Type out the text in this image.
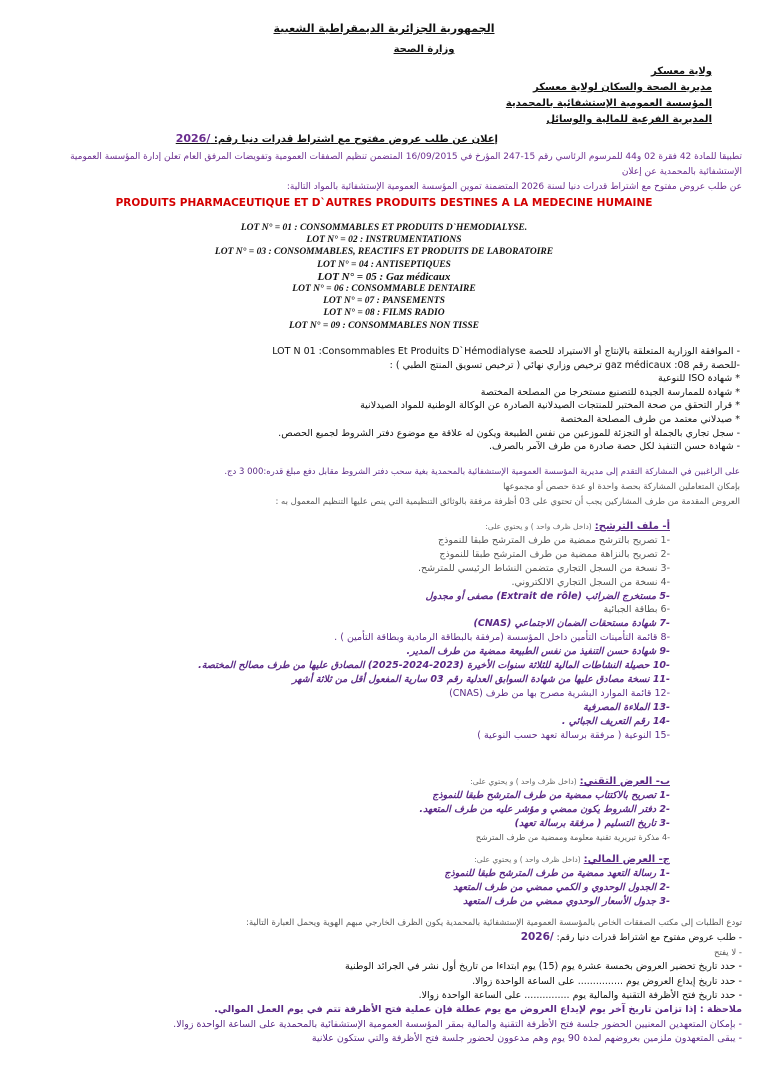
الجمهورية الجزائرية الديمقراطية الشعبية
وزارة الصحة
ولاية معسكر
مديرية الصحة والسكان لولاية معسكر
المؤسسة العمومية الإستشفائية بالمحمدية
المديرية الفرعية للمالية والوسائل
إعلان عن طلب عروض مفتوح مع اشتراط قدرات دنيا رقم: /2026
تطبيقا للمادة 42 فقرة 02 و44 للمرسوم الرئاسي رقم 15-247 المؤرخ في 16/09/2015 المتضمن تنظيم الصفقات العمومية وتفويضات المرفق العام تعلن إدارة المؤسسة العمومية الإستشفائية بالمحمدية عن إعلان
عن طلب عروض مفتوح مع اشتراط قدرات دنيا لسنة 2026 المتضمنة تموين المؤسسة العمومية الإستشفائية بالمواد التالية:
PRODUITS PHARMACEUTIQUE ET D`AUTRES PRODUITS DESTINES A LA MEDECINE HUMAINE
LOT N° = 01 : CONSOMMABLES ET PRODUITS D`HEMODIALYSE.
LOT N° = 02 : INSTRUMENTATIONS
LOT N° = 03 : CONSOMMABLES, REACTIFS ET PRODUITS DE LABORATOIRE
LOT N° = 04 : ANTISEPTIQUES
LOT N° = 05 : Gaz médicaux
LOT N° = 06 : CONSOMMABLE DENTAIRE
LOT N° = 07 : PANSEMENTS
LOT N° = 08 : FILMS RADIO
LOT N° = 09 : CONSOMMABLES NON TISSE
- الموافقة الوزارية المتعلقة بالإنتاج أو الاستيراد للحصة LOT N 01 :Consommables Et Produits D`Hémodialyse
-للحصة رقم 08: gaz médicaux ترخيص وزاري نهائي ( ترخيص تسويق المنتج الطبي ) :
* شهادة ISO للنوعية
* شهادة للممارسة الجيدة للتصنيع مستخرجا من المصلحة المختصة
* قرار التحقق من صحة المختبر للمنتجات الصيدلانية الصادرة عن الوكالة الوطنية للمواد الصيدلانية
* صيدلاني معتمد من طرف المصلحة المختصة
- سجل تجاري بالجملة أو التجزئة للموزعين من نفس الطبيعة ويكون له علاقة مع موضوع دفتر الشروط لجميع الحصص.
- شهادة حسن التنفيذ لكل حصة صادرة من طرف الآمر بالصرف.
على الراغبين في المشاركة التقدم إلى مديرية المؤسسة العمومية الإستشفائية بالمحمدية بغية سحب دفتر الشروط مقابل دفع مبلغ قدره:000 3 دج.
بإمكان المتعاملين المشاركة بحصة واحدة او عدة حصص أو مجموعها
العروض المقدمة من طرف المشاركين يجب أن تحتوي على 03 أظرفة مرفقة بالوثائق التنظيمية التي ينص عليها التنظيم المعمول به :
أ- ملف الترشح: (داخل ظرف واحد ) و يحتوي على:
-1 تصريح بالترشح ممضية من طرف المترشح طبقا للنموذج
-2 تصريح بالنزاهة ممضية من طرف المترشح طبقا للنموذج
-3 نسخة من السجل التجاري متضمن النشاط الرئيسي للمترشح.
-4 نسخة من السجل التجاري الالكتروني.
-5 مستخرج الضرائب (Extrait de rôle) مصفى أو مجدول
-6 بطاقة الجبائية
-7 شهادة مستحقات الضمان الاجتماعي (CNAS)
-8 قائمة التأمينات التأمين داخل المؤسسة (مرفقة بالبطاقة الرمادية وبطاقة التأمين ) .
-9 شهادة حسن التنفيذ من نفس الطبيعة ممضية من طرف المدير.
-10 حصيلة النشاطات المالية للثلاثة سنوات الأخيرة (2023-2024-2025) المصادق عليها من طرف مصالح المختصة.
-11 نسخة مصادق عليها من شهادة السوابق العدلية رقم 03 سارية المفعول أقل من ثلاثة أشهر
-12 قائمة الموارد البشرية مصرح بها من طرف (CNAS)
-13 الملاءة المصرفية
-14 رقم التعريف الجبائي .
-15 النوعية ( مرفقة برسالة تعهد حسب النوعية )
ب- العرض التقني: (داخل ظرف واحد ) و يحتوي على:
-1 تصريح بالاكتتاب ممضية من طرف المترشح طبقا للنموذج
-2 دفتر الشروط يكون ممضي و مؤشر عليه من طرف المتعهد.
-3 تاريخ التسليم ( مرفقة برسالة تعهد)
-4 مذكرة تبريرية تقنية معلومة وممضية من طرف المترشح
ج- العرض المالي: (داخل ظرف واحد ) و يحتوي على:
-1 رسالة التعهد ممضية من طرف المترشح طبقا للنموذج
-2 الجدول الوحدوي و الكمي ممضي من طرف المتعهد
-3 جدول الأسعار الوحدوي ممضي من طرف المتعهد
تودع الطلبات إلى مكتب الصفقات الخاص بالمؤسسة العمومية الإستشفائية بالمحمدية يكون الظرف الخارجي مبهم الهوية ويحمل العبارة التالية:
- طلب عروض مفتوح مع اشتراط قدرات دنيا رقم: /2026
- لا يفتح
- حدد تاريخ تحضير العروض بخمسة عشرة يوم (15) يوم ابتداءا من تاريخ أول نشر في الجرائد الوطنية
- حدد تاريخ إيداع العروض يوم ............... على الساعة الواحدة زوالا.
- حدد تاريخ فتح الأظرفة التقنية والمالية يوم ............... على الساعة الواحدة زوالا.
ملاحظة : إذا تزامن تاريخ آخر يوم لإيداع العروض مع يوم عطلة فإن عملية فتح الأظرفة تتم في يوم العمل الموالي.
- بإمكان المتعهدين المعنيين الحضور جلسة فتح الأظرفة التقنية والمالية بمقر المؤسسة العمومية الإستشفائية بالمحمدية على الساعة الواحدة زوالا.
- يبقى المتعهدون ملزمين بعروضهم لمدة 90 يوم وهم مدعوون لحضور جلسة فتح الأظرفة والتي ستكون علانية
